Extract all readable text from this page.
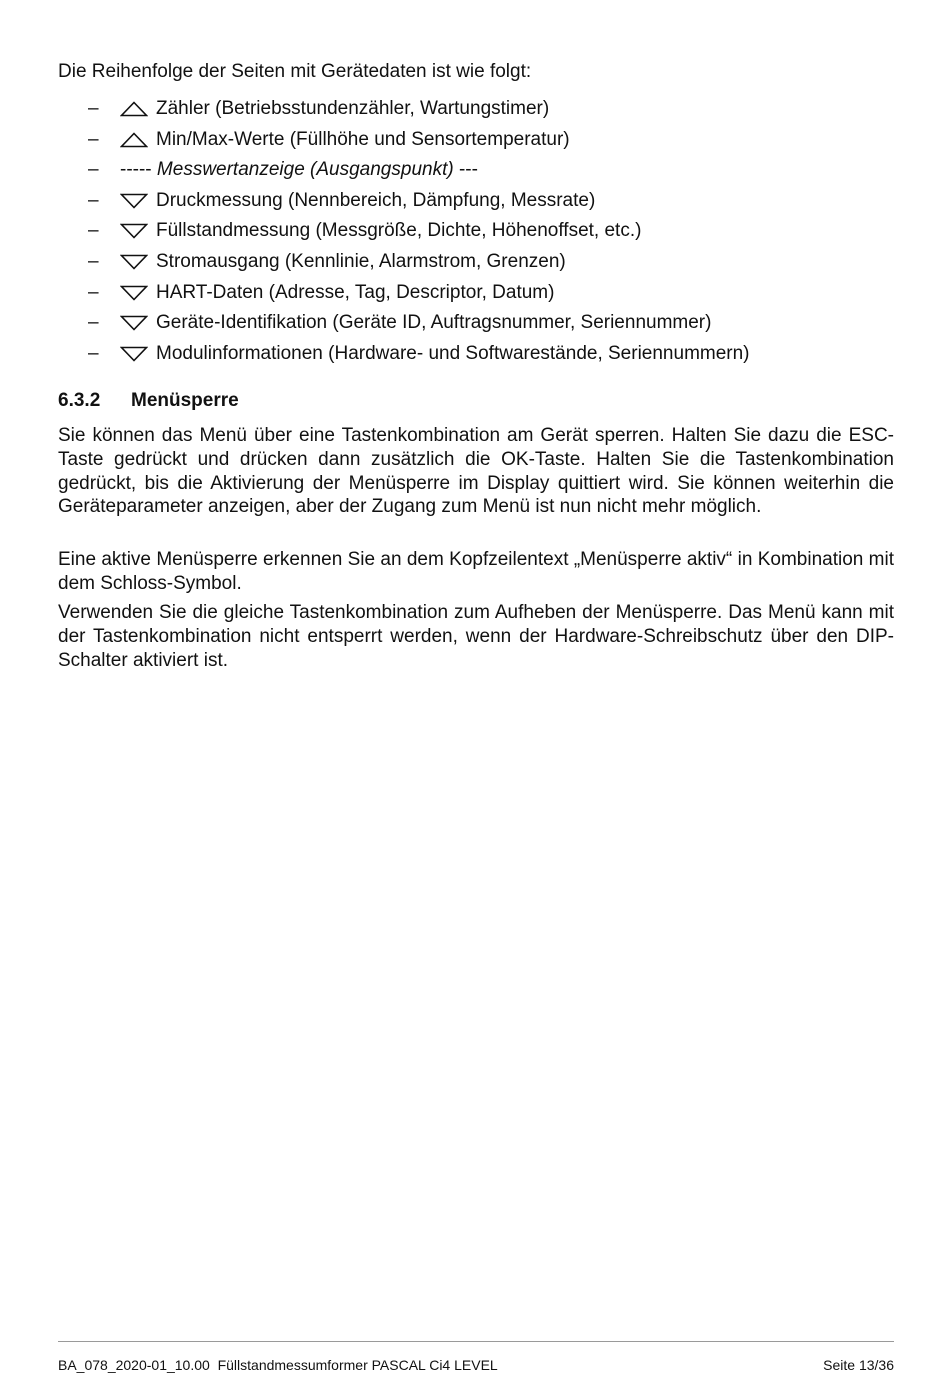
Die Reihenfolge der Seiten mit Gerätedaten ist wie folgt:

–	Zähler (Betriebsstundenzähler, Wartungstimer)
–	Min/Max-Werte (Füllhöhe und Sensortemperatur)
– ----- Messwertanzeige (Ausgangspunkt) ---
–	Druckmessung (Nennbereich, Dämpfung, Messrate)
–	Füllstandmessung (Messgröße, Dichte, Höhenoffset, etc.)
–	Stromausgang (Kennlinie, Alarmstrom, Grenzen)
–	HART-Daten (Adresse, Tag, Descriptor, Datum)
–	Geräte-Identifikation (Geräte ID, Auftragsnummer, Seriennummer)
–	Modulinformationen (Hardware- und Softwarestände, Seriennummern)
6.3.2 Menüsperre

Sie können das Menü über eine Tastenkombination am Gerät sperren. Halten Sie dazu die ESC-Taste gedrückt und drücken dann zusätzlich die OK-Taste. Halten Sie die Tastenkombination gedrückt, bis die Aktivierung der Menüsperre im Display quittiert wird. Sie können weiterhin die Geräteparameter anzeigen, aber der Zugang zum Menü ist nun nicht mehr möglich.

Eine aktive Menüsperre erkennen Sie an dem Kopfzeilentext „Menüsperre aktiv“ in Kombination mit dem Schloss-Symbol.

Verwenden Sie die gleiche Tastenkombination zum Aufheben der Menüsperre. Das Menü kann mit der Tastenkombination nicht entsperrt werden, wenn der Hardware-Schreibschutz über den DIP-Schalter aktiviert ist.

BA_078_2020-01_10.00  Füllstandmessumformer PASCAL Ci4 LEVEL	Seite 13/36
